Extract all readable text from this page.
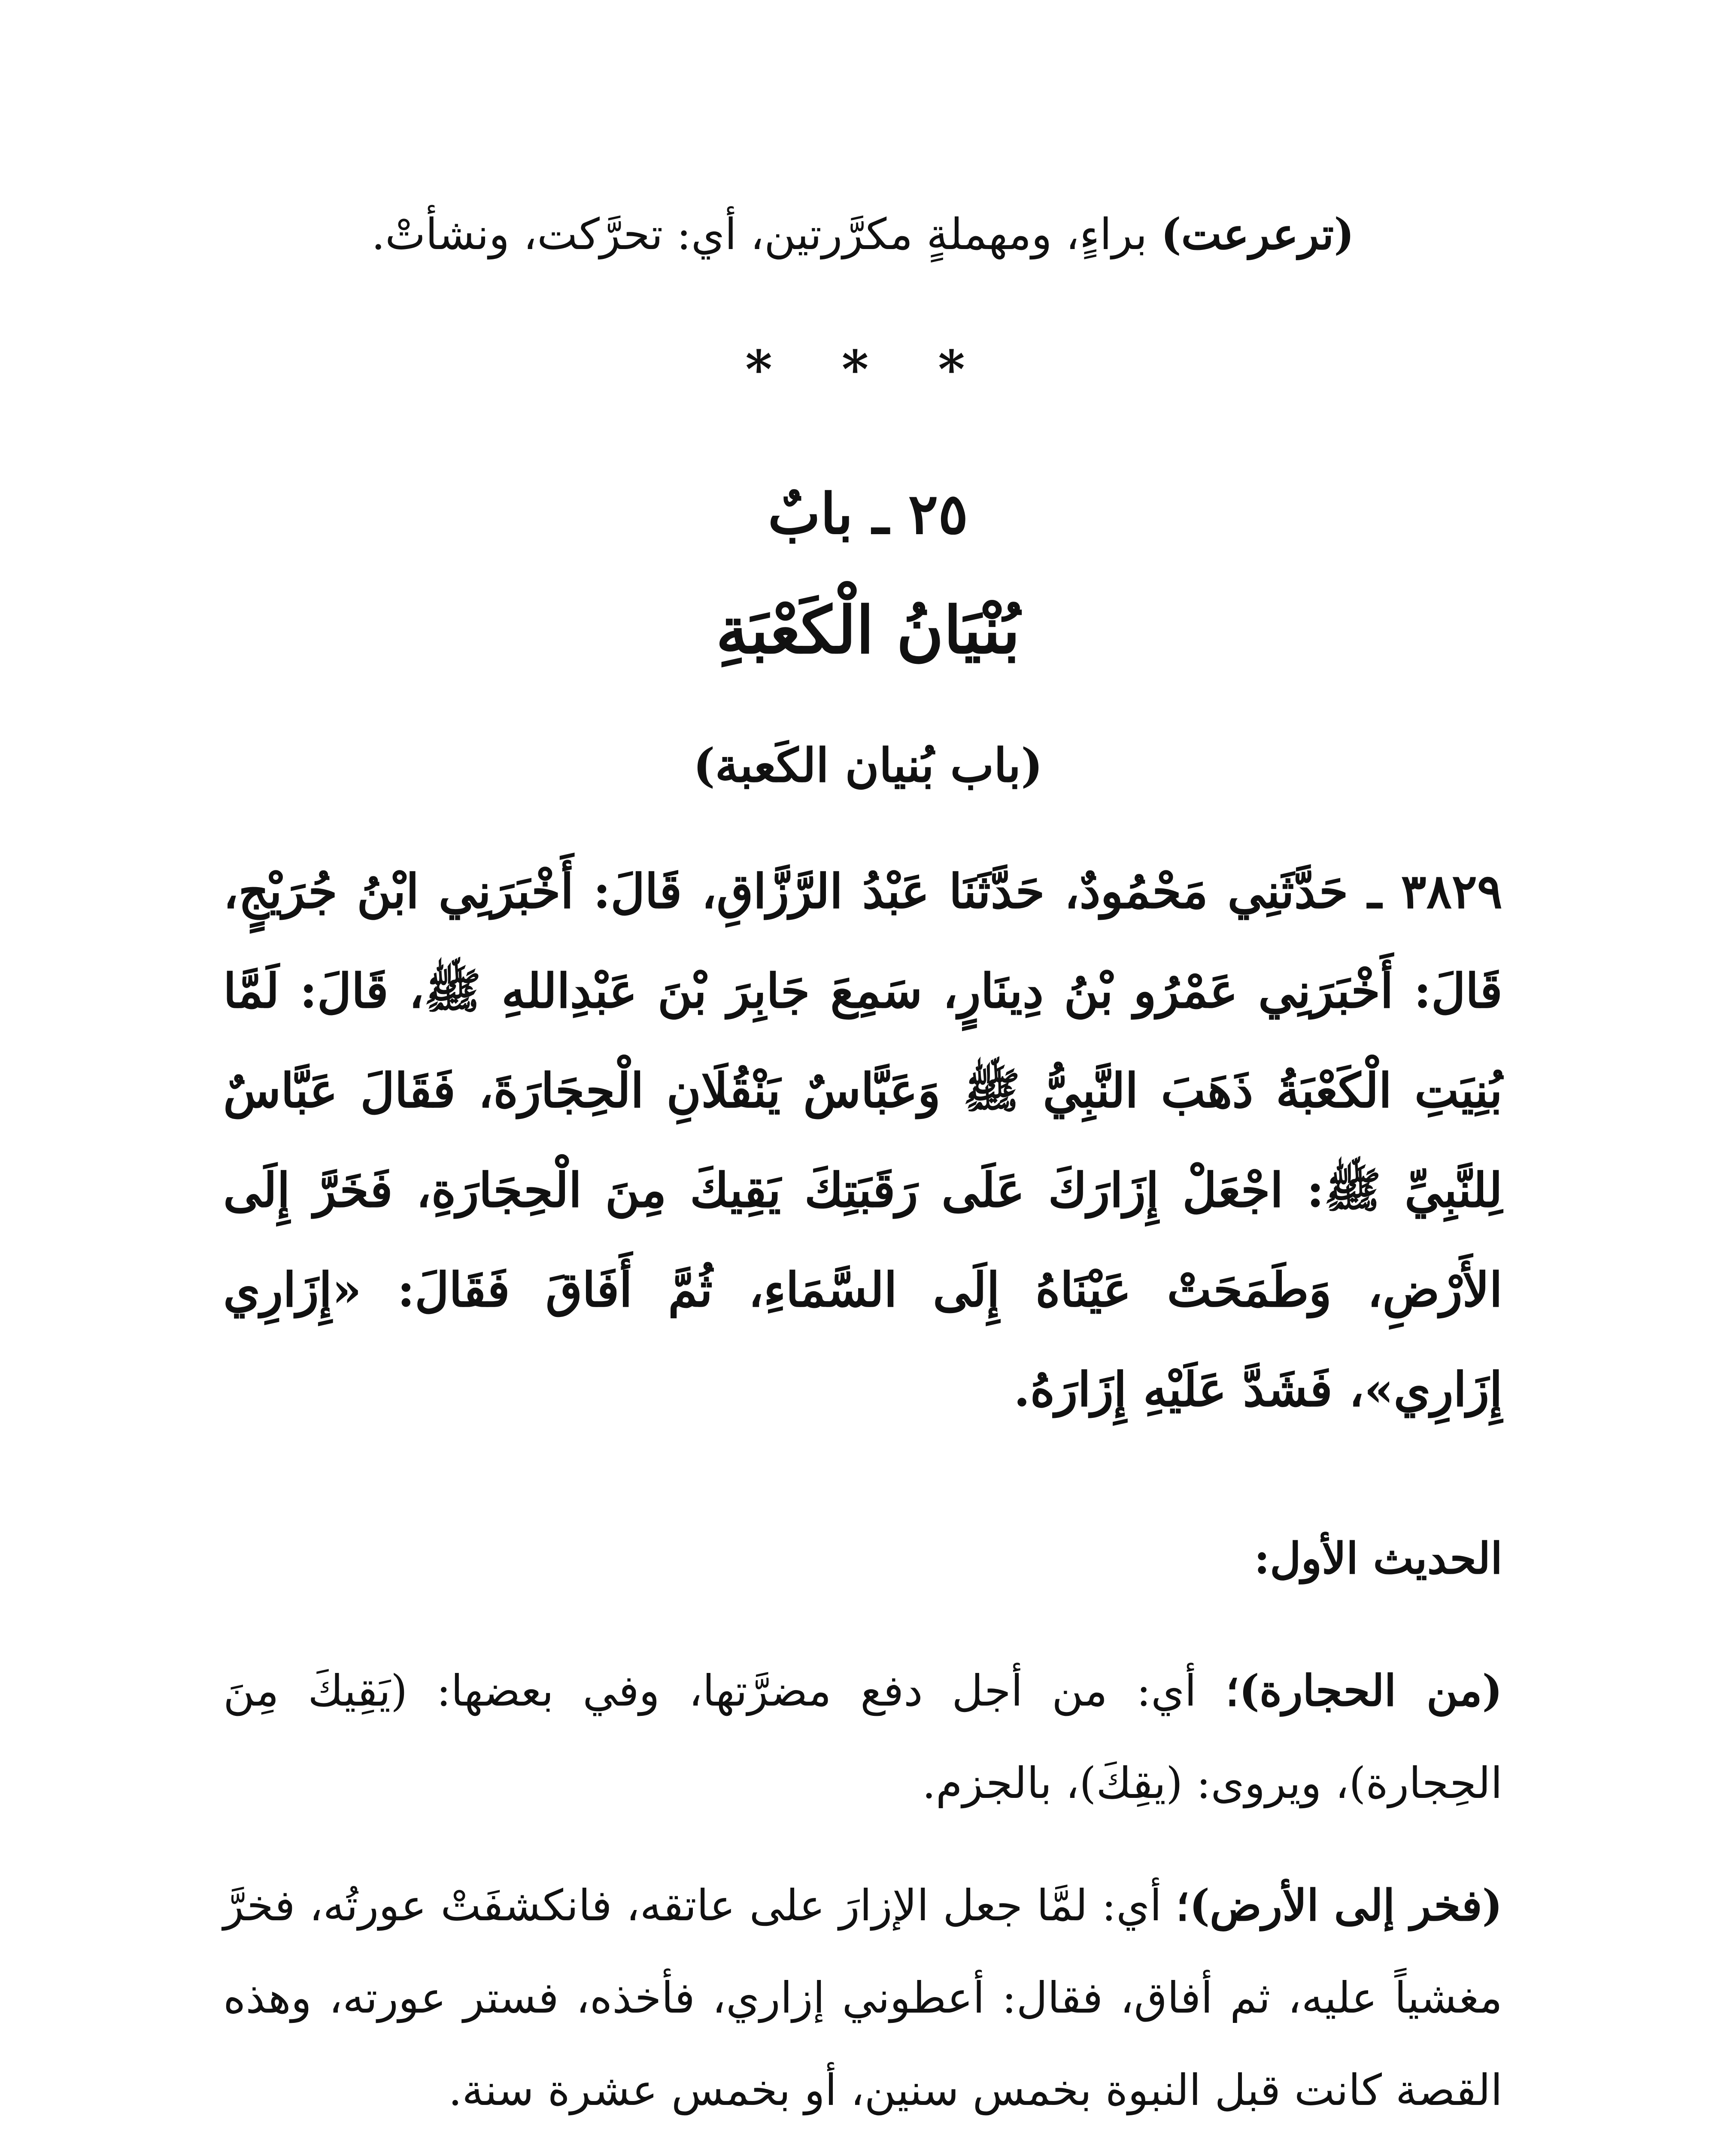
(ترعرعت) براءٍ، ومهملةٍ مكرَّرتين، أي: تحرَّكت، ونشأتْ.
* * *
٢٥ ـ بابٌ
بُنْيَانُ الْكَعْبَةِ
(باب بُنيان الكَعبة)
٣٨٢٩ ـ حَدَّثَنِي مَحْمُودٌ، حَدَّثَنَا عَبْدُ الرَّزَّاقِ، قَالَ: أَخْبَرَنِي ابْنُ جُرَيْجٍ، قَالَ: أَخْبَرَنِي عَمْرُو بْنُ دِينَارٍ، سَمِعَ جَابِرَ بْنَ عَبْدِاللهِ ﷺ، قَالَ: لَمَّا بُنِيَتِ الْكَعْبَةُ ذَهَبَ النَّبِيُّ ﷺ وَعَبَّاسٌ يَنْقُلَانِ الْحِجَارَةَ، فَقَالَ عَبَّاسٌ لِلنَّبِيِّ ﷺ: اجْعَلْ إِزَارَكَ عَلَى رَقَبَتِكَ يَقِيكَ مِنَ الْحِجَارَةِ، فَخَرَّ إِلَى الأَرْضِ، وَطَمَحَتْ عَيْنَاهُ إِلَى السَّمَاءِ، ثُمَّ أَفَاقَ فَقَالَ: «إِزَارِي إِزَارِي»، فَشَدَّ عَلَيْهِ إِزَارَهُ.
الحديث الأول:
(من الحجارة)؛ أي: من أجل دفع مضرَّتها، وفي بعضها: (يَقِيكَ مِنَ الحِجارة)، ويروى: (يقِكَ)، بالجزم.
(فخر إلى الأرض)؛ أي: لمَّا جعل الإزارَ على عاتقه، فانكشفَتْ عورتُه، فخرَّ مغشياً عليه، ثم أفاق، فقال: أعطوني إزاري، فأخذه، فستر عورته، وهذه القصة كانت قبل النبوة بخمس سنين، أو بخمس عشرة سنة.
